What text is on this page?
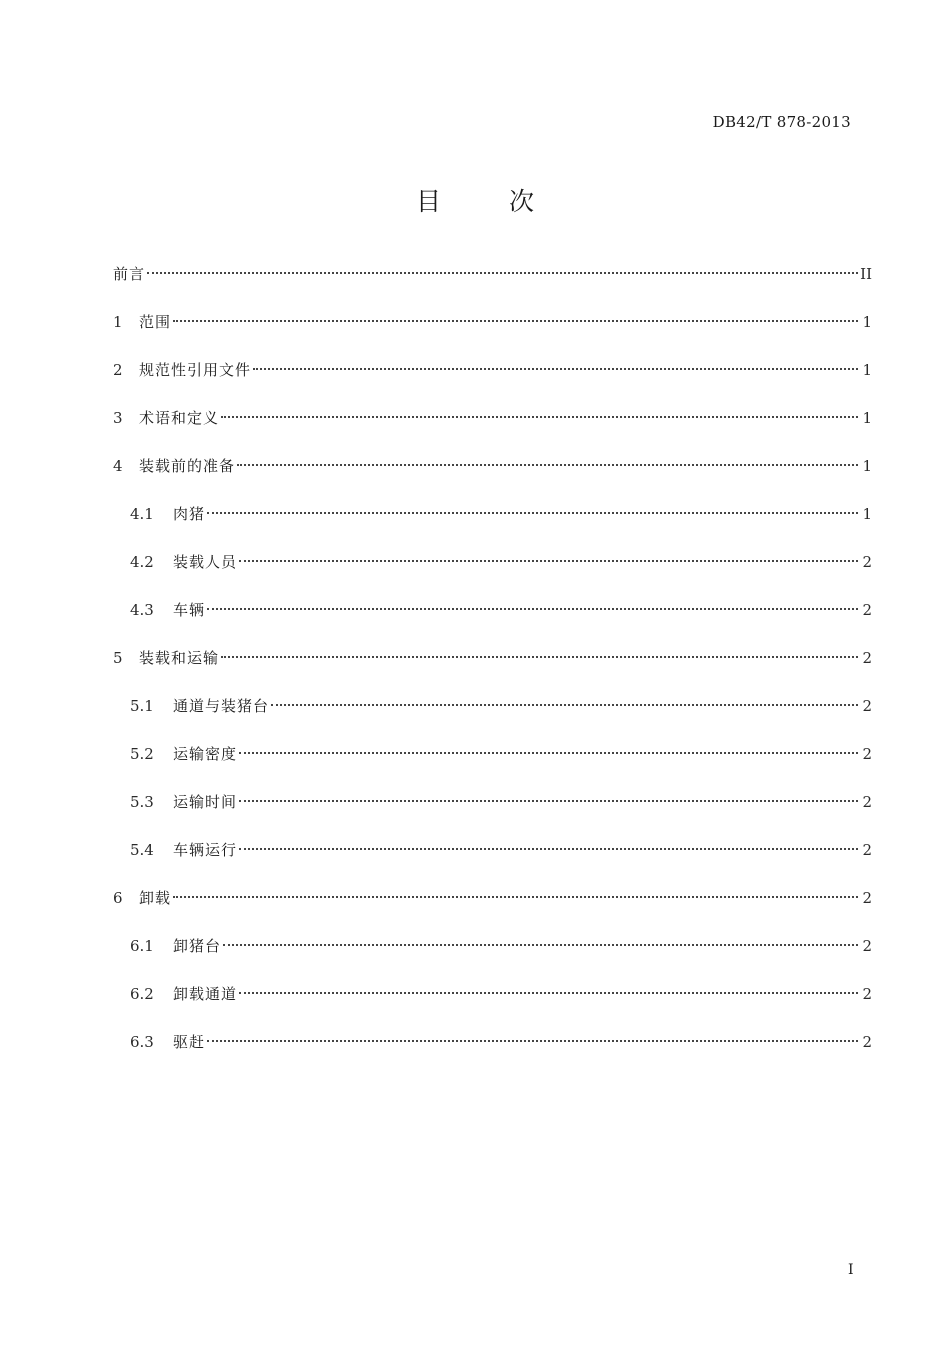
DB42/T 878-2013
目 次
前言	II
1	范围	1
2	规范性引用文件	1
3	术语和定义	1
4	装载前的准备	1
4.1	肉猪	1
4.2	装载人员	2
4.3	车辆	2
5	装载和运输	2
5.1	通道与装猪台	2
5.2	运输密度	2
5.3	运输时间	2
5.4	车辆运行	2
6	卸载	2
6.1	卸猪台	2
6.2	卸载通道	2
6.3	驱赶	2
I
